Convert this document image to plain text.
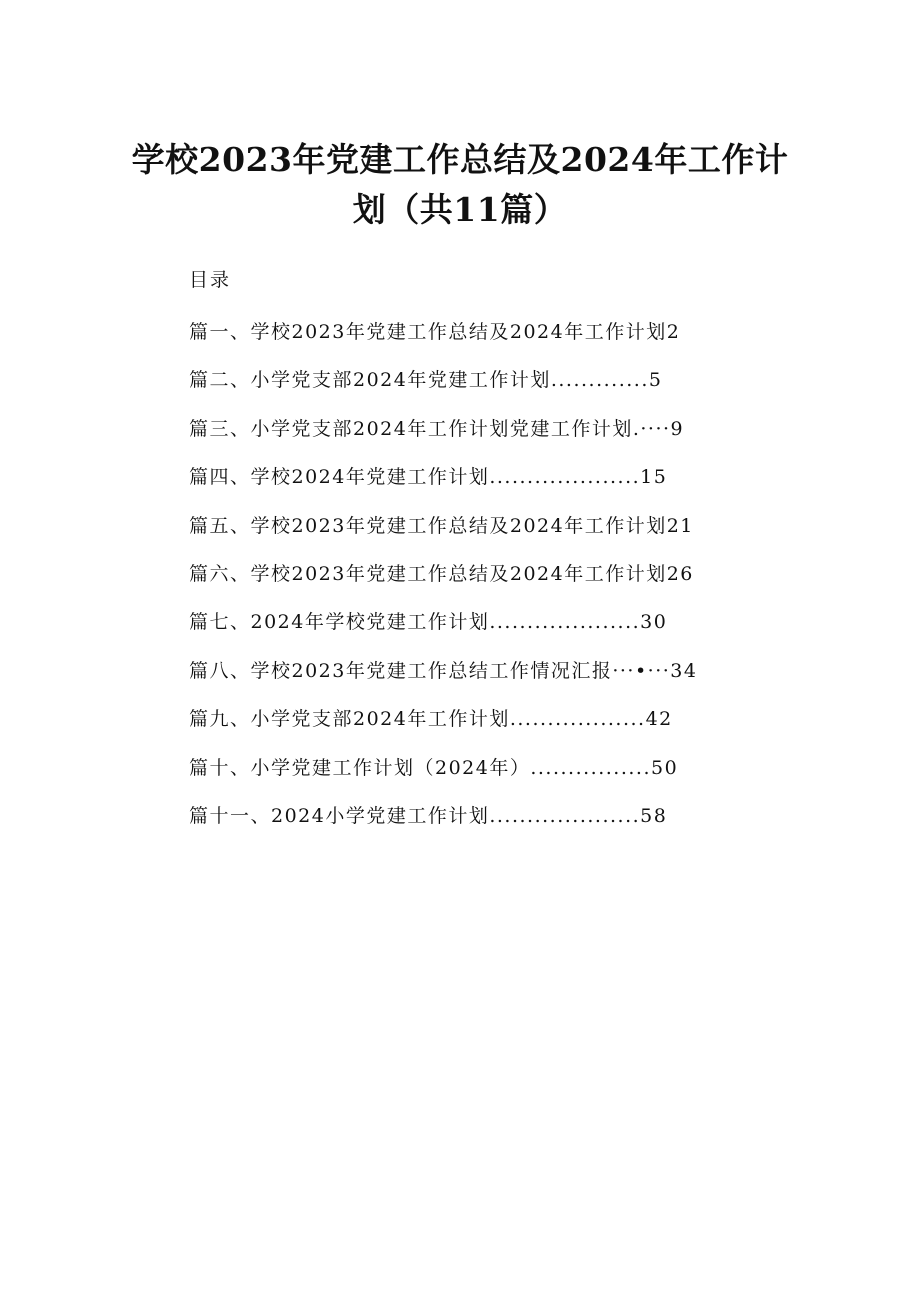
学校2023年党建工作总结及2024年工作计
划（共11篇）
目录
篇一、学校2023年党建工作总结及2024年工作计划2
篇二、小学党支部2024年党建工作计划.............5
篇三、小学党支部2024年工作计划党建工作计划.····9
篇四、学校2024年党建工作计划....................15
篇五、学校2023年党建工作总结及2024年工作计划21
篇六、学校2023年党建工作总结及2024年工作计划26
篇七、2024年学校党建工作计划....................30
篇八、学校2023年党建工作总结工作情况汇报···•···34
篇九、小学党支部2024年工作计划..................42
篇十、小学党建工作计划（2024年）................50
篇十一、2024小学党建工作计划....................58
